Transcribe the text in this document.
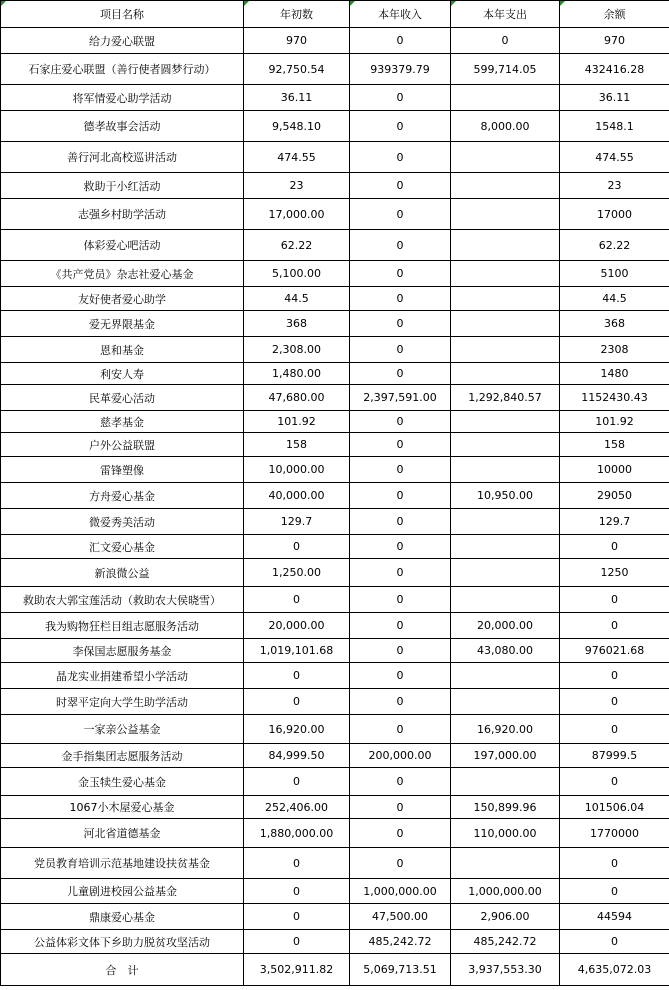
项目名称	年初数	本年收入	本年支出	余额
给力爱心联盟	970	0	0	970
石家庄爱心联盟（善行使者圆梦行动）	92,750.54	939379.79	599,714.05	432416.28
将军情爱心助学活动	36.11	0		36.11
德孝故事会活动	9,548.10	0	8,000.00	1548.1
善行河北高校巡讲活动	474.55	0		474.55
救助于小红活动	23	0		23
志强乡村助学活动	17,000.00	0		17000
体彩爱心吧活动	62.22	0		62.22
《共产党员》杂志社爱心基金	5,100.00	0		5100
友好使者爱心助学	44.5	0		44.5
爱无界限基金	368	0		368
恩和基金	2,308.00	0		2308
利安人寿	1,480.00	0		1480
民革爱心活动	47,680.00	2,397,591.00	1,292,840.57	1152430.43
慈孝基金	101.92	0		101.92
户外公益联盟	158	0		158
雷锋塑像	10,000.00	0		10000
方舟爱心基金	40,000.00	0	10,950.00	29050
微爱秀美活动	129.7	0		129.7
汇文爱心基金	0	0		0
新浪微公益	1,250.00	0		1250
救助农大郭宝莲活动（救助农大侯晓雪）	0	0		0
我为购物狂栏目组志愿服务活动	20,000.00	0	20,000.00	0
李保国志愿服务基金	1,019,101.68	0	43,080.00	976021.68
晶龙实业捐建希望小学活动	0	0		0
时翠平定向大学生助学活动	0	0		0
一家亲公益基金	16,920.00	0	16,920.00	0
金手指集团志愿服务活动	84,999.50	200,000.00	197,000.00	87999.5
金玉犊生爱心基金	0	0		0
1067小木屋爱心基金	252,406.00	0	150,899.96	101506.04
河北省道德基金	1,880,000.00	0	110,000.00	1770000
党员教育培训示范基地建设扶贫基金	0	0		0
儿童剧进校园公益基金	0	1,000,000.00	1,000,000.00	0
鼎康爱心基金	0	47,500.00	2,906.00	44594
公益体彩文体下乡助力脱贫攻坚活动	0	485,242.72	485,242.72	0
合　计	3,502,911.82	5,069,713.51	3,937,553.30	4,635,072.03
